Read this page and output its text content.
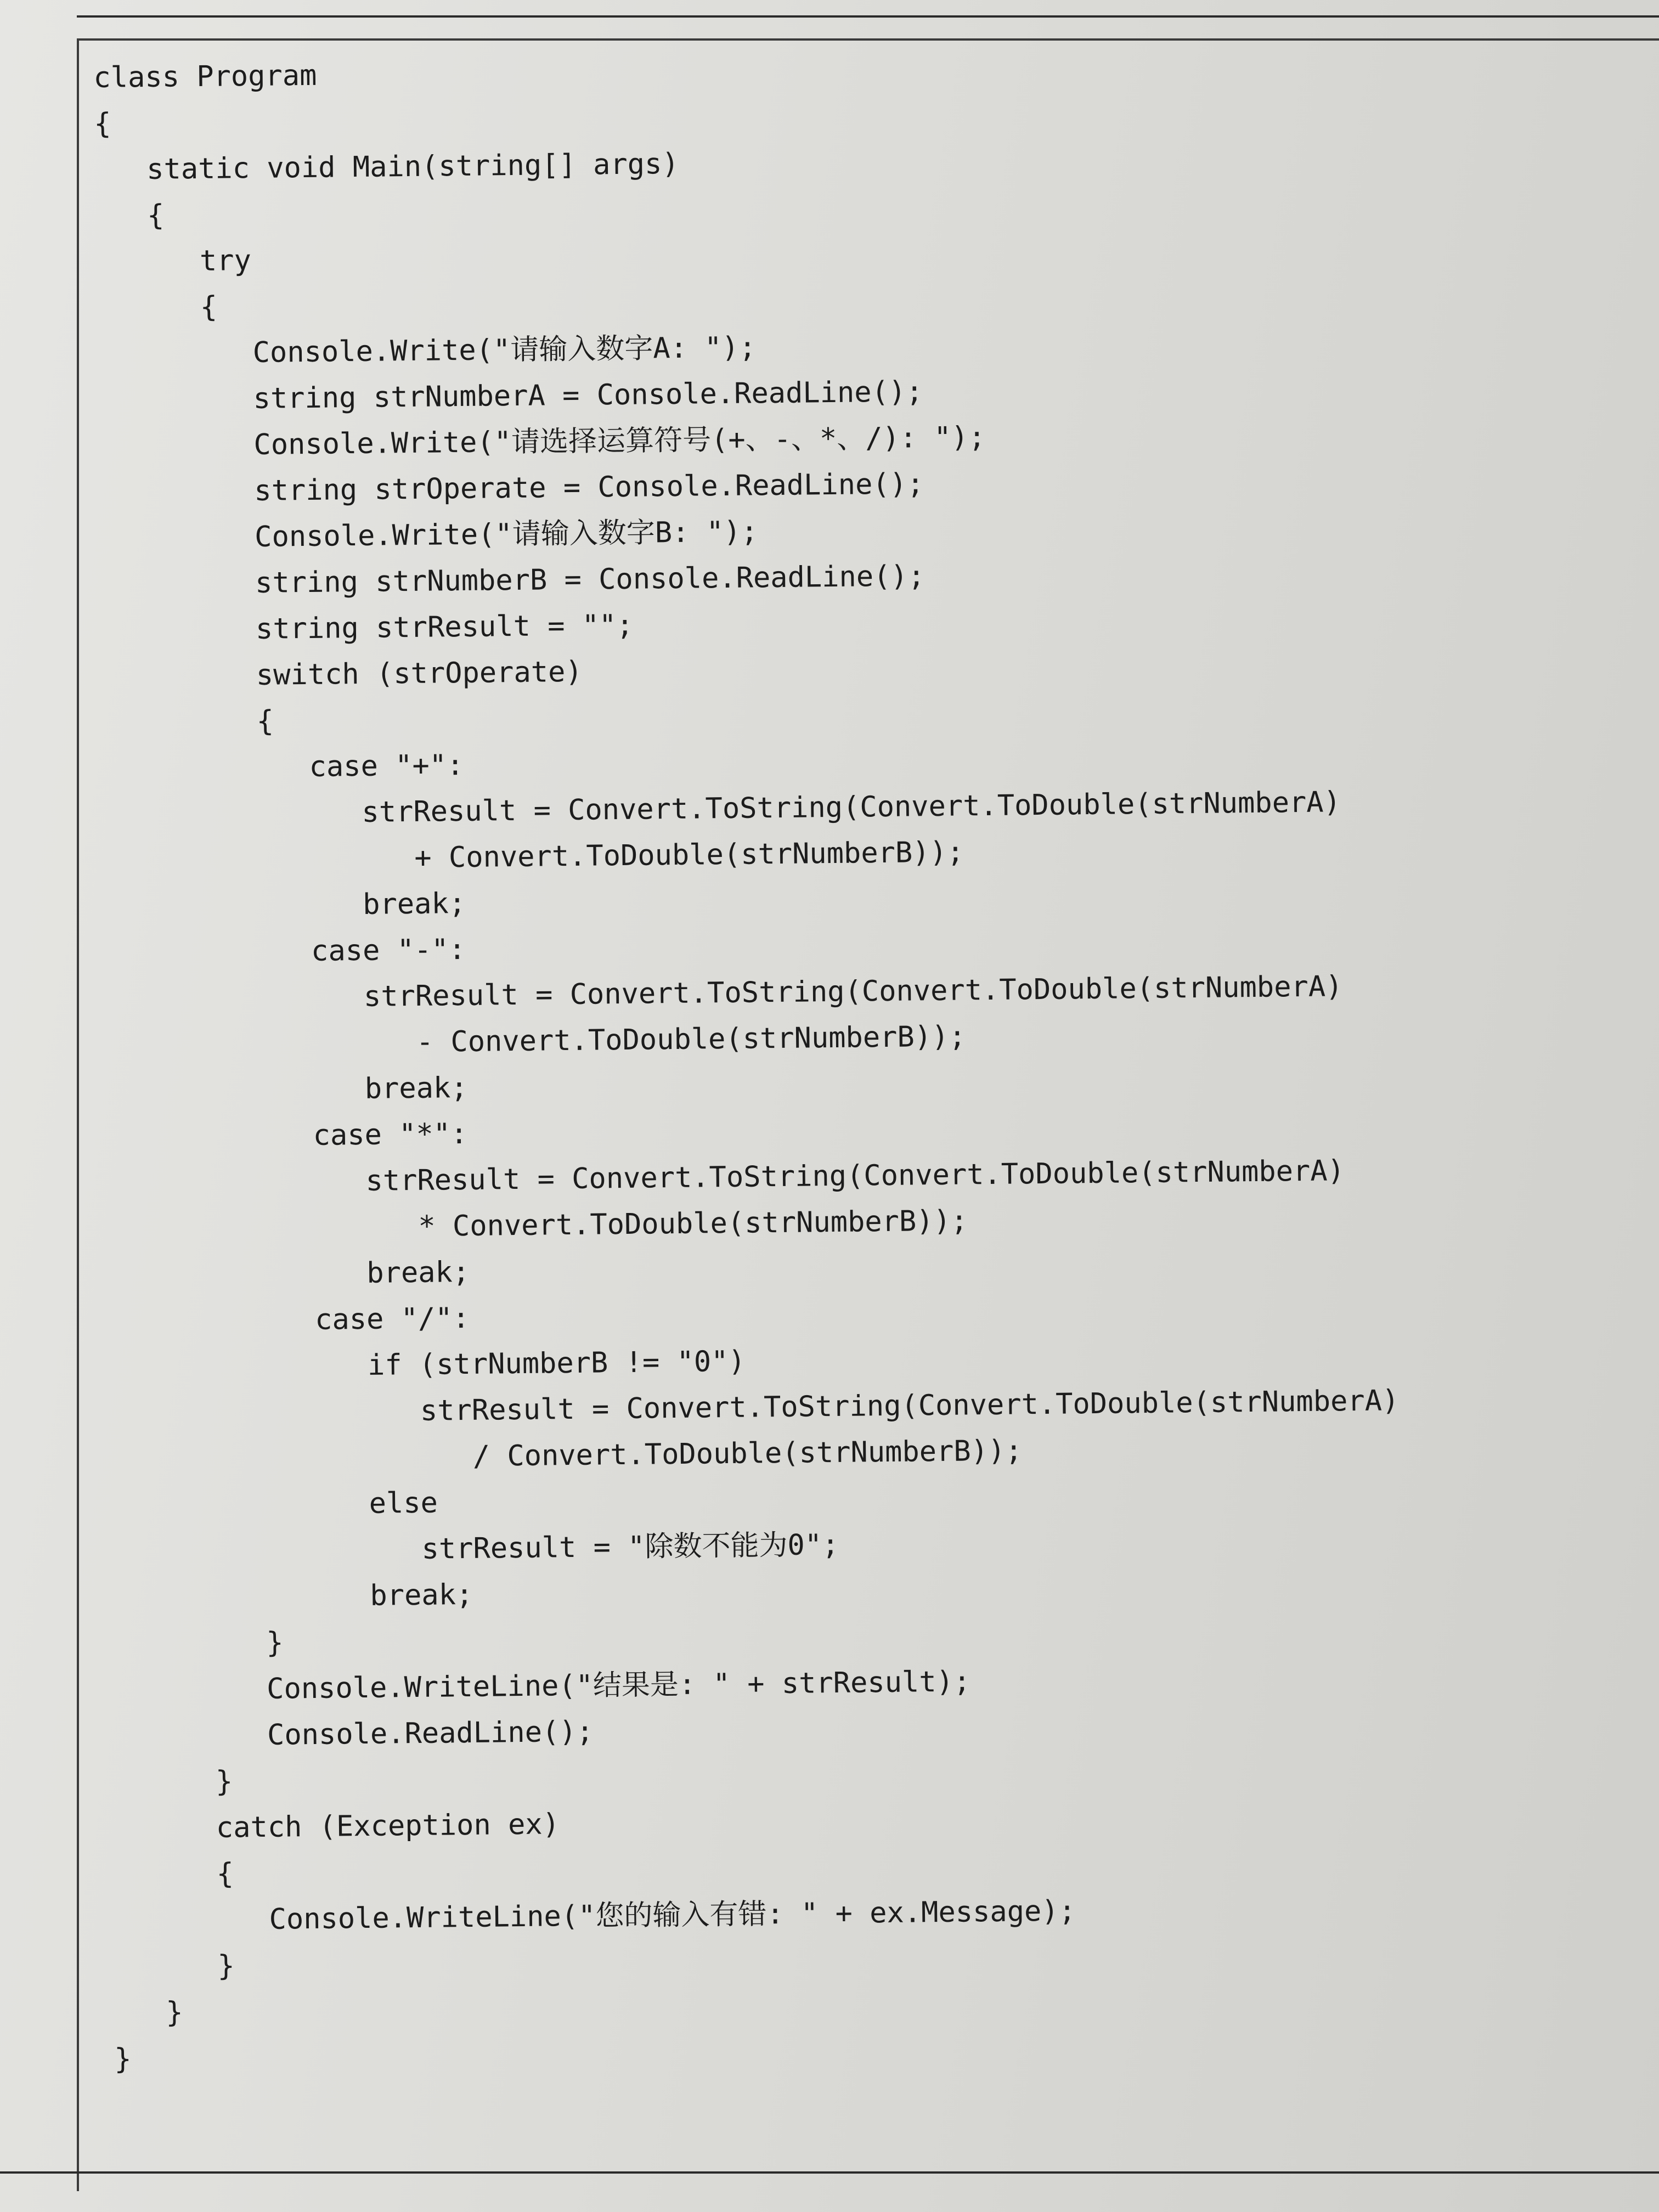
class Program
{
static void Main(string[] args)
{
try
{
Console.Write("请输入数字A: ");
string strNumberA = Console.ReadLine();
Console.Write("请选择运算符号(+、-、*、/): ");
string strOperate = Console.ReadLine();
Console.Write("请输入数字B: ");
string strNumberB = Console.ReadLine();
string strResult = "";
switch (strOperate)
{
case "+":
strResult = Convert.ToString(Convert.ToDouble(strNumberA)
+ Convert.ToDouble(strNumberB));
break;
case "-":
strResult = Convert.ToString(Convert.ToDouble(strNumberA)
- Convert.ToDouble(strNumberB));
break;
case "*":
strResult = Convert.ToString(Convert.ToDouble(strNumberA)
* Convert.ToDouble(strNumberB));
break;
case "/":
if (strNumberB != "0")
strResult = Convert.ToString(Convert.ToDouble(strNumberA)
/ Convert.ToDouble(strNumberB));
else
strResult = "除数不能为0";
break;
}
Console.WriteLine("结果是: " + strResult);
Console.ReadLine();
}
catch (Exception ex)
{
Console.WriteLine("您的输入有错: " + ex.Message);
}
}
}
